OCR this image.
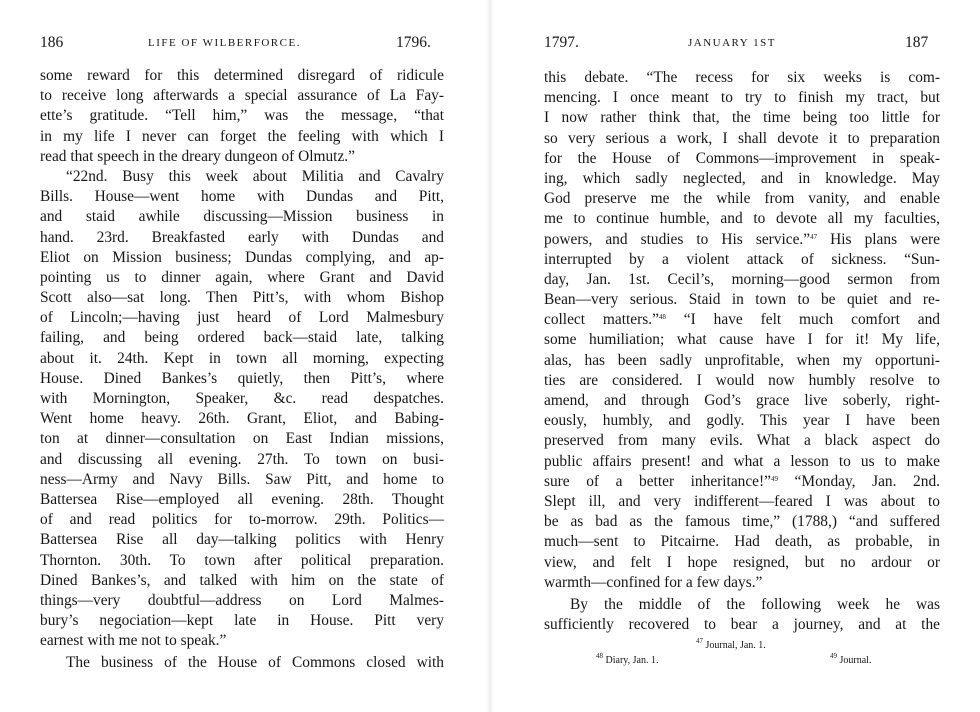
186	LIFE OF WILBERFORCE.	1796.
some reward for this determined disregard of ridicule
to receive long afterwards a special assurance of La Fay-
ette’s gratitude. “Tell him,” was the message, “that
in my life I never can forget the feeling with which I
read that speech in the dreary dungeon of Olmutz.”
“22nd. Busy this week about Militia and Cavalry
Bills. House—went home with Dundas and Pitt,
and staid awhile discussing—Mission business in
hand. 23rd. Breakfasted early with Dundas and
Eliot on Mission business; Dundas complying, and ap-
pointing us to dinner again, where Grant and David
Scott also—sat long. Then Pitt’s, with whom Bishop
of Lincoln;—having just heard of Lord Malmesbury
failing, and being ordered back—staid late, talking
about it. 24th. Kept in town all morning, expecting
House. Dined Bankes’s quietly, then Pitt’s, where
with Mornington, Speaker, &c. read despatches.
Went home heavy. 26th. Grant, Eliot, and Babing-
ton at dinner—consultation on East Indian missions,
and discussing all evening. 27th. To town on busi-
ness—Army and Navy Bills. Saw Pitt, and home to
Battersea Rise—employed all evening. 28th. Thought
of and read politics for to-morrow. 29th. Politics—
Battersea Rise all day—talking politics with Henry
Thornton. 30th. To town after political preparation.
Dined Bankes’s, and talked with him on the state of
things—very doubtful—address on Lord Malmes-
bury’s negociation—kept late in House. Pitt very
earnest with me not to speak.”
The business of the House of Commons closed with
1797.	JANUARY 1ST	187
this debate. “The recess for six weeks is com-
mencing. I once meant to try to finish my tract, but
I now rather think that, the time being too little for
so very serious a work, I shall devote it to preparation
for the House of Commons—improvement in speak-
ing, which sadly neglected, and in knowledge. May
God preserve me the while from vanity, and enable
me to continue humble, and to devote all my faculties,
powers, and studies to His service.”$^{47}$ His plans were
interrupted by a violent attack of sickness. “Sun-
day, Jan. 1st. Cecil’s, morning—good sermon from
Bean—very serious. Staid in town to be quiet and re-
collect matters.”$^{48}$ “I have felt much comfort and
some humiliation; what cause have I for it! My life,
alas, has been sadly unprofitable, when my opportuni-
ties are considered. I would now humbly resolve to
amend, and through God’s grace live soberly, right-
eously, humbly, and godly. This year I have been
preserved from many evils. What a black aspect do
public affairs present! and what a lesson to us to make
sure of a better inheritance!”$^{49}$ “Monday, Jan. 2nd.
Slept ill, and very indifferent—feared I was about to
be as bad as the famous time,” (1788,) “and suffered
much—sent to Pitcairne. Had death, as probable, in
view, and felt I hope resigned, but no ardour or
warmth—confined for a few days.”
By the middle of the following week he was
sufficiently recovered to bear a journey, and at the
$^{47}$ Journal, Jan. 1.
$^{48}$ Diary, Jan. 1.	$^{49}$ Journal.
